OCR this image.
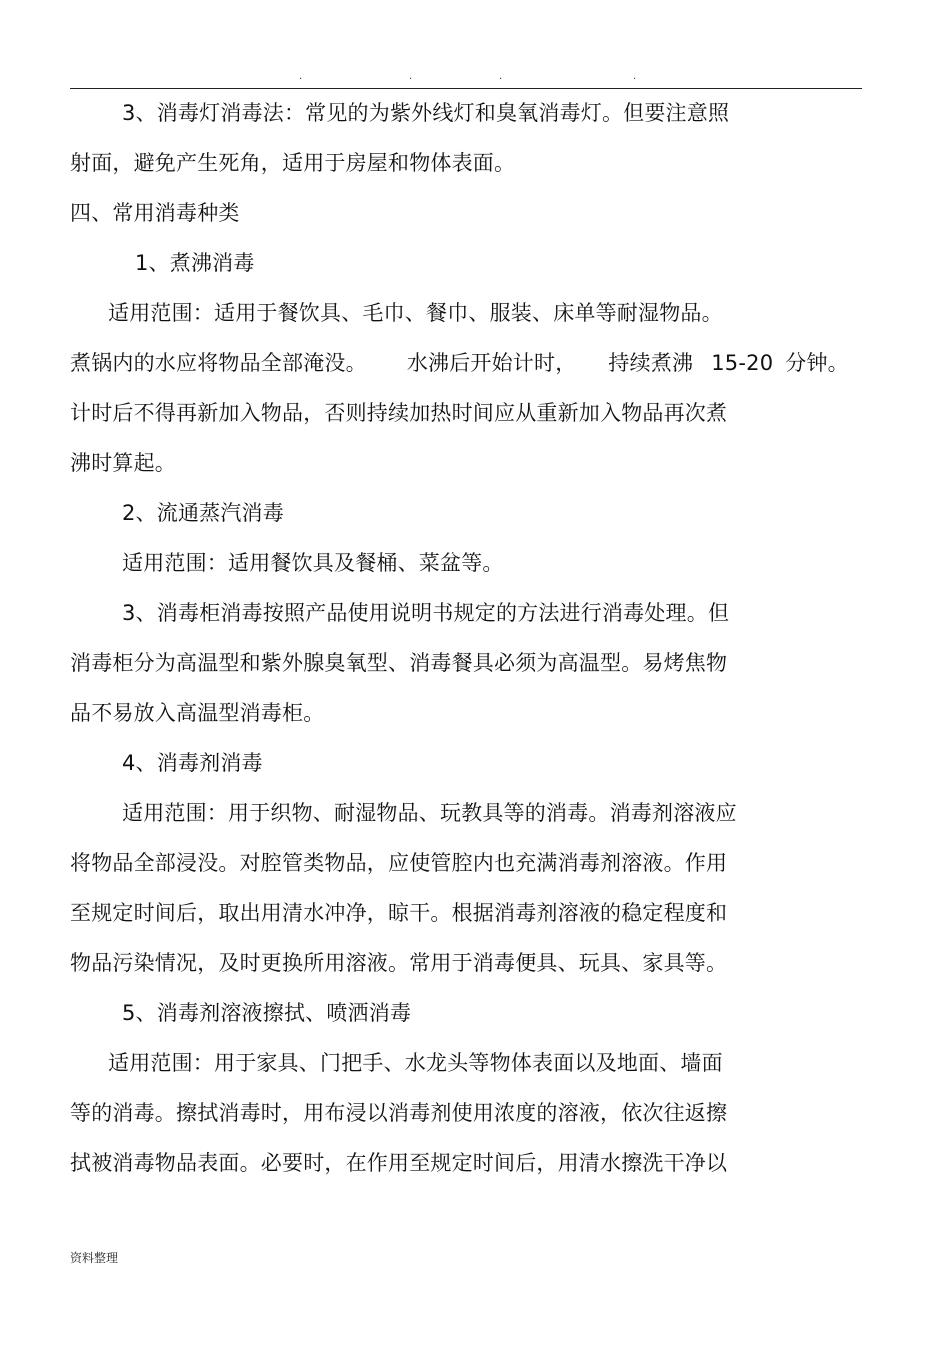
.	.	.	.
3、消毒灯消毒法：常见的为紫外线灯和臭氧消毒灯。但要注意照
射面，避免产生死角，适用于房屋和物体表面。
四、常用消毒种类
1、煮沸消毒
适用范围：适用于餐饮具、毛巾、餐巾、服装、床单等耐湿物品。
煮锅内的水应将物品全部淹没。 水沸后开始计时， 持续煮沸 15-20 分钟。
计时后不得再新加入物品，否则持续加热时间应从重新加入物品再次煮
沸时算起。
2、流通蒸汽消毒
适用范围：适用餐饮具及餐桶、菜盆等。
3、消毒柜消毒按照产品使用说明书规定的方法进行消毒处理。但
消毒柜分为高温型和紫外腺臭氧型、消毒餐具必须为高温型。易烤焦物
品不易放入高温型消毒柜。
4、消毒剂消毒
适用范围：用于织物、耐湿物品、玩教具等的消毒。消毒剂溶液应
将物品全部浸没。对腔管类物品，应使管腔内也充满消毒剂溶液。作用
至规定时间后，取出用清水冲净，晾干。根据消毒剂溶液的稳定程度和
物品污染情况，及时更换所用溶液。常用于消毒便具、玩具、家具等。
5、消毒剂溶液擦拭、喷洒消毒
适用范围：用于家具、门把手、水龙头等物体表面以及地面、墙面
等的消毒。擦拭消毒时，用布浸以消毒剂使用浓度的溶液，依次往返擦
拭被消毒物品表面。必要时，在作用至规定时间后，用清水擦洗干净以
资料整理
